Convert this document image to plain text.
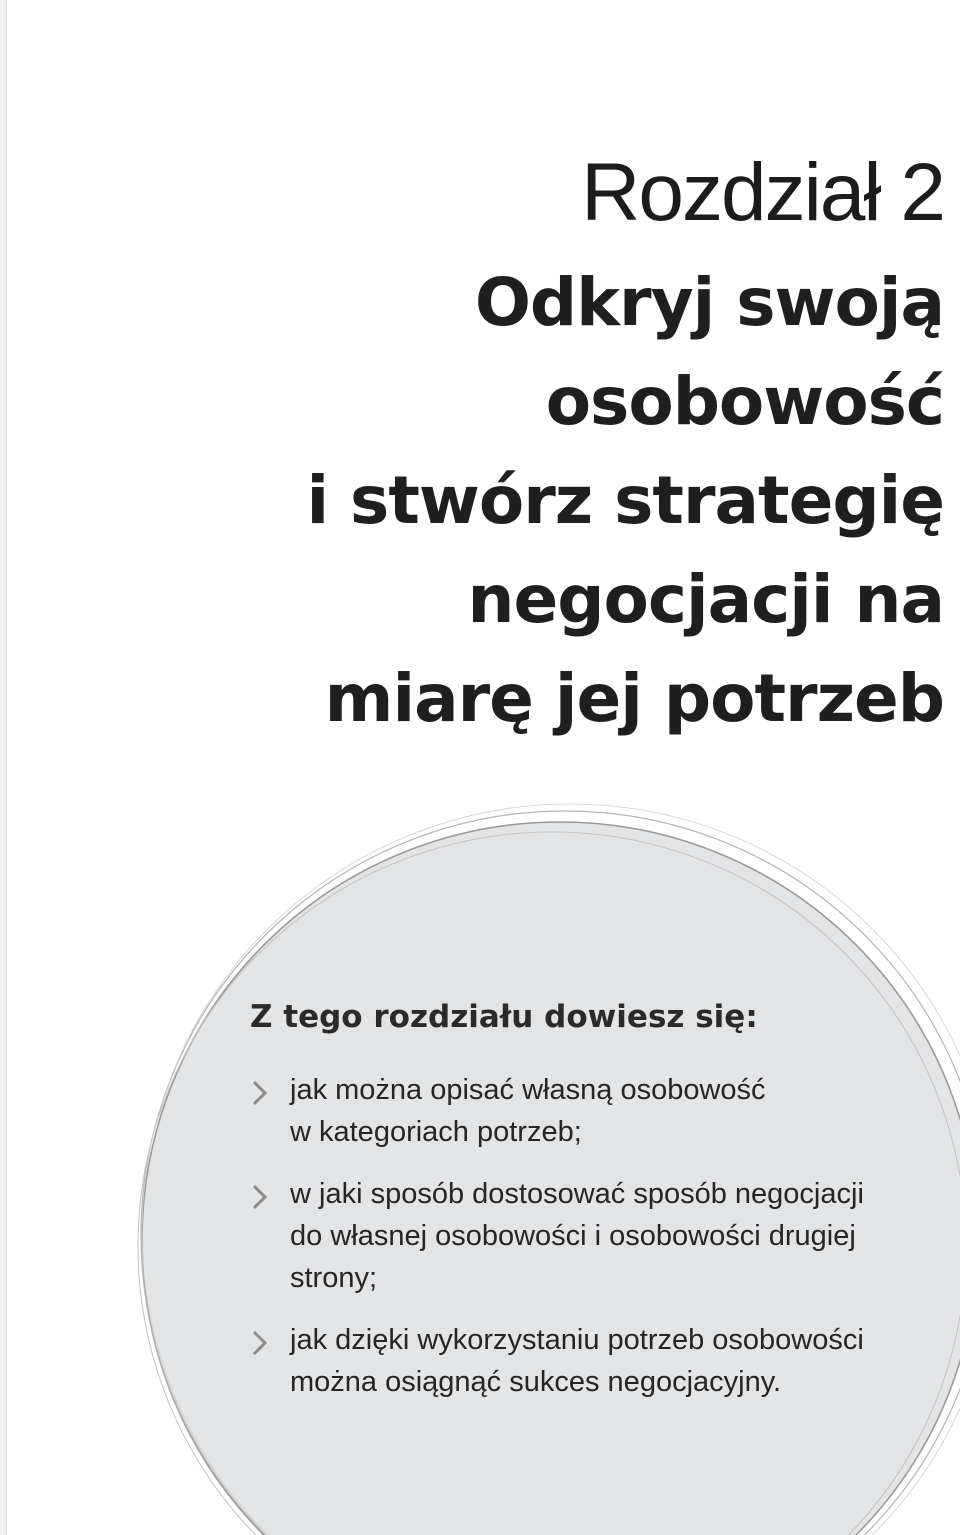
Rozdział 2
Odkryj swoją
osobowość
i stwórz strategię
negocjacji na
miarę jej potrzeb
Z tego rozdziału dowiesz się:

jak można opisać własną osobowość
w kategoriach potrzeb;

w jaki sposób dostosować sposób negocjacji
do własnej osobowości i osobowości drugiej
strony;

jak dzięki wykorzystaniu potrzeb osobowości
można osiągnąć sukces negocjacyjny.
